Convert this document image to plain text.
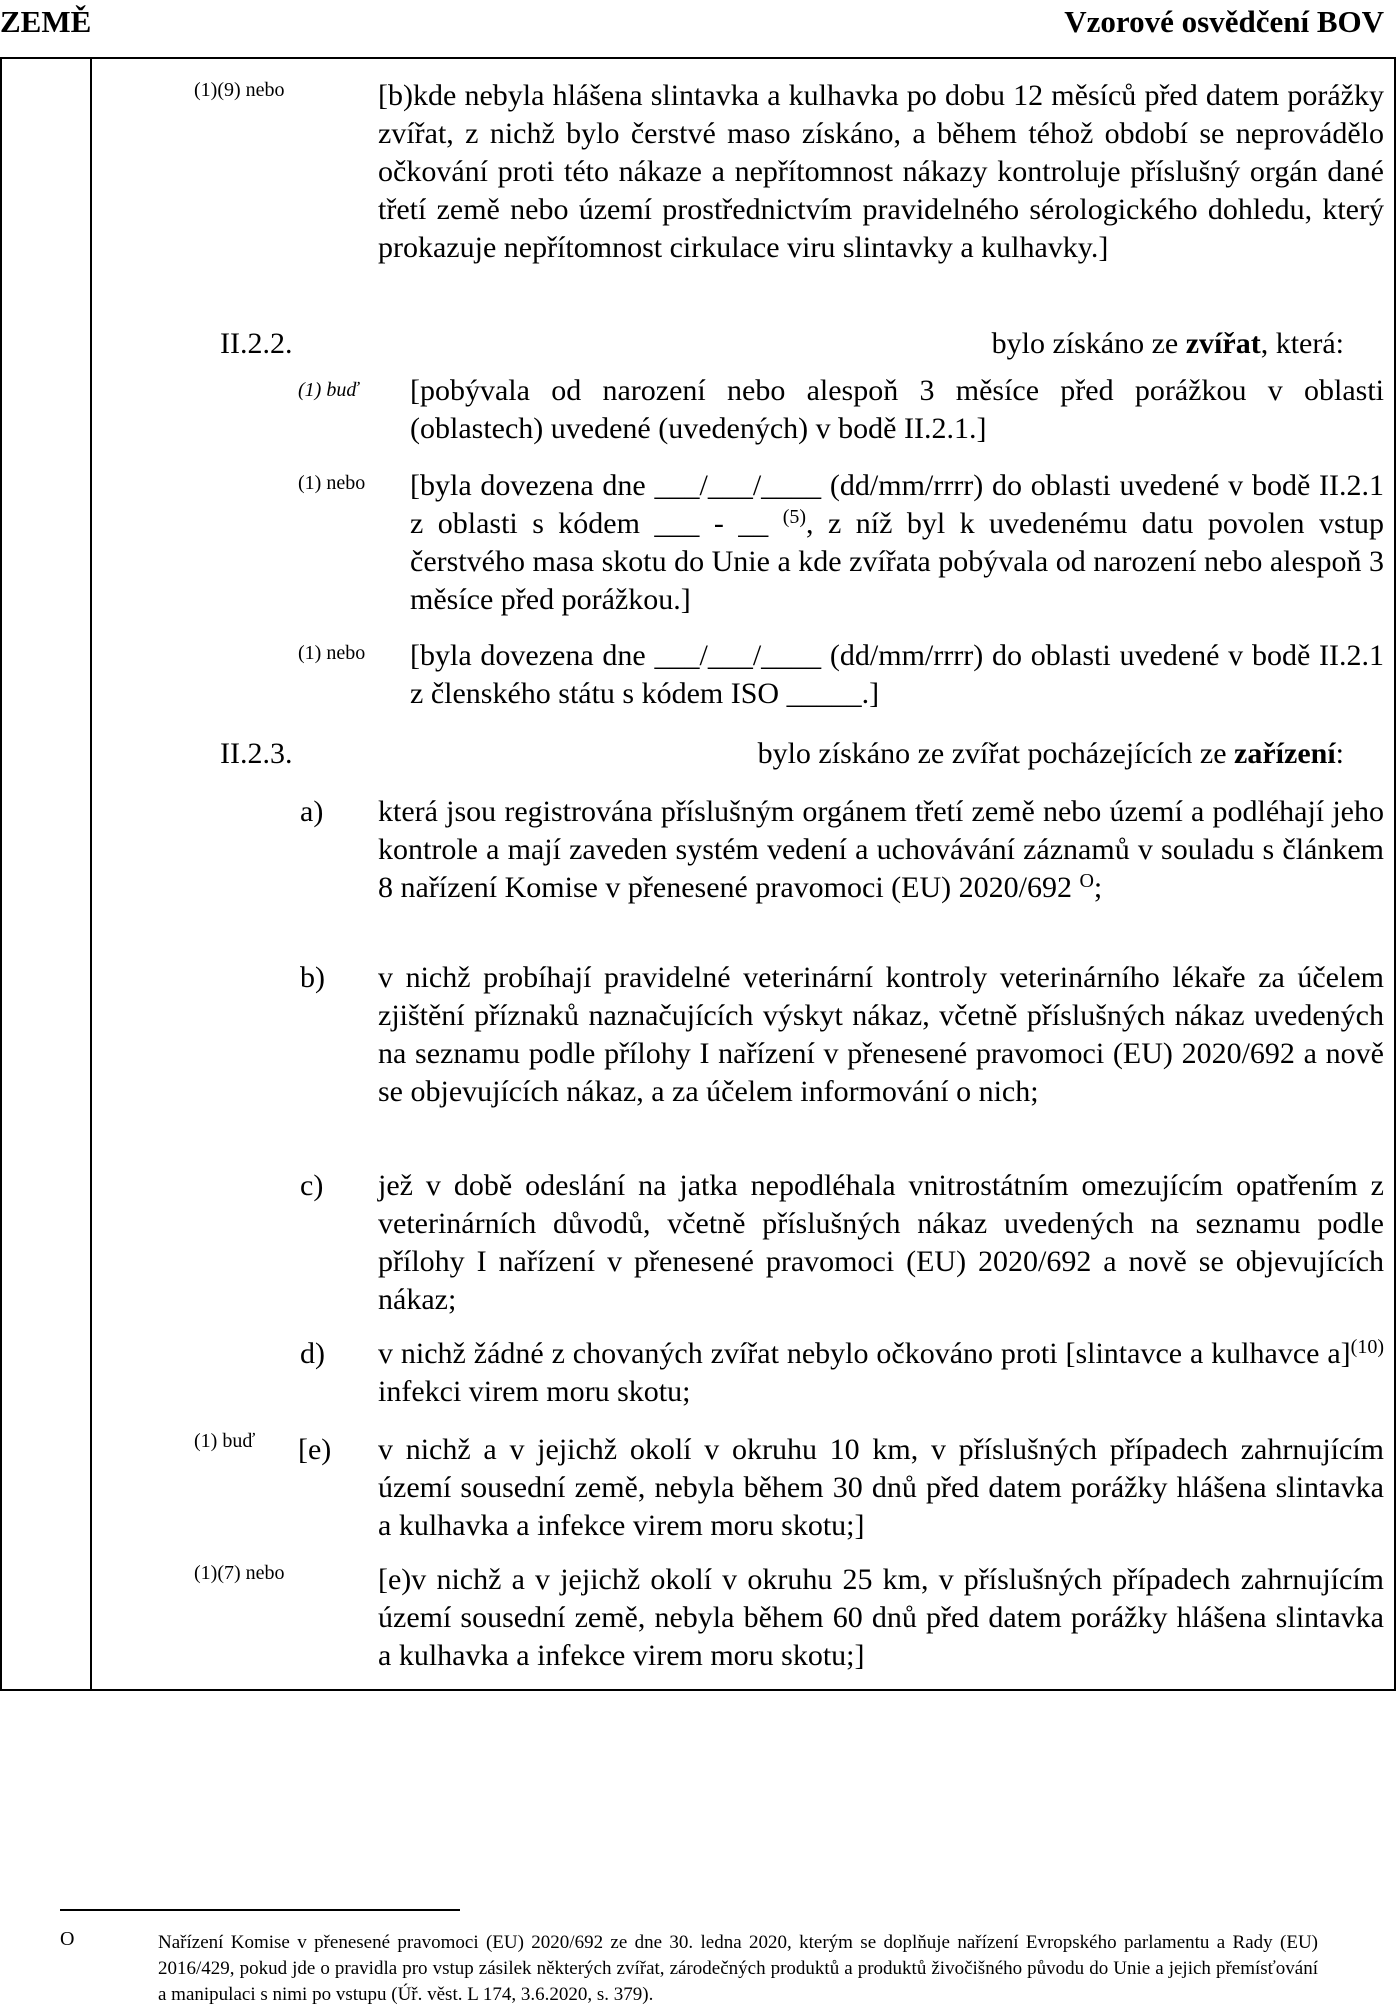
ZEMĚ	Vzorové osvědčení BOV
(1)(9) nebo	[b)kde nebyla hlášena slintavka a kulhavka po dobu 12 měsíců před datem porážky zvířat, z nichž bylo čerstvé maso získáno, a během téhož období se neprovádělo očkování proti této nákaze a nepřítomnost nákazy kontroluje příslušný orgán dané třetí země nebo území prostřednictvím pravidelného sérologického dohledu, který prokazuje nepřítomnost cirkulace viru slintavky a kulhavky.]
II.2.2.	bylo získáno ze zvířat, která:
(1) buď [pobývala od narození nebo alespoň 3 měsíce před porážkou v oblasti (oblastech) uvedené (uvedených) v bodě II.2.1.]
(1) nebo [byla dovezena dne ___/___/____ (dd/mm/rrrr) do oblasti uvedené v bodě II.2.1 z oblasti s kódem ___ - __ $^{(5)}$, z níž byl k uvedenému datu povolen vstup čerstvého masa skotu do Unie a kde zvířata pobývala od narození nebo alespoň 3 měsíce před porážkou.]
(1) nebo [byla dovezena dne ___/___/____ (dd/mm/rrrr) do oblasti uvedené v bodě II.2.1 z členského státu s kódem ISO _____.]
II.2.3.	bylo získáno ze zvířat pocházejících ze zařízení:
a) která jsou registrována příslušným orgánem třetí země nebo území a podléhají jeho kontrole a mají zaveden systém vedení a uchovávání záznamů v souladu s článkem 8 nařízení Komise v přenesené pravomoci (EU) 2020/692 $^O$;
b) v nichž probíhají pravidelné veterinární kontroly veterinárního lékaře za účelem zjištění příznaků naznačujících výskyt nákaz, včetně příslušných nákaz uvedených na seznamu podle přílohy I nařízení v přenesené pravomoci (EU) 2020/692 a nově se objevujících nákaz, a za účelem informování o nich;
c) jež v době odeslání na jatka nepodléhala vnitrostátním omezujícím opatřením z veterinárních důvodů, včetně příslušných nákaz uvedených na seznamu podle přílohy I nařízení v přenesené pravomoci (EU) 2020/692 a nově se objevujících nákaz;
d) v nichž žádné z chovaných zvířat nebylo očkováno proti [slintavce a kulhavce a]$^{(10)}$ infekci virem moru skotu;
(1) buď [e) v nichž a v jejichž okolí v okruhu 10 km, v příslušných případech zahrnujícím území sousední země, nebyla během 30 dnů před datem porážky hlášena slintavka a kulhavka a infekce virem moru skotu;]
(1)(7) nebo	[e)v nichž a v jejichž okolí v okruhu 25 km, v příslušných případech zahrnujícím území sousední země, nebyla během 60 dnů před datem porážky hlášena slintavka a kulhavka a infekce virem moru skotu;]
O	Nařízení Komise v přenesené pravomoci (EU) 2020/692 ze dne 30. ledna 2020, kterým se doplňuje nařízení Evropského parlamentu a Rady (EU) 2016/429, pokud jde o pravidla pro vstup zásilek některých zvířat, zárodečných produktů a produktů živočišného původu do Unie a jejich přemísťování a manipulaci s nimi po vstupu (Úř. věst. L 174, 3.6.2020, s. 379).
